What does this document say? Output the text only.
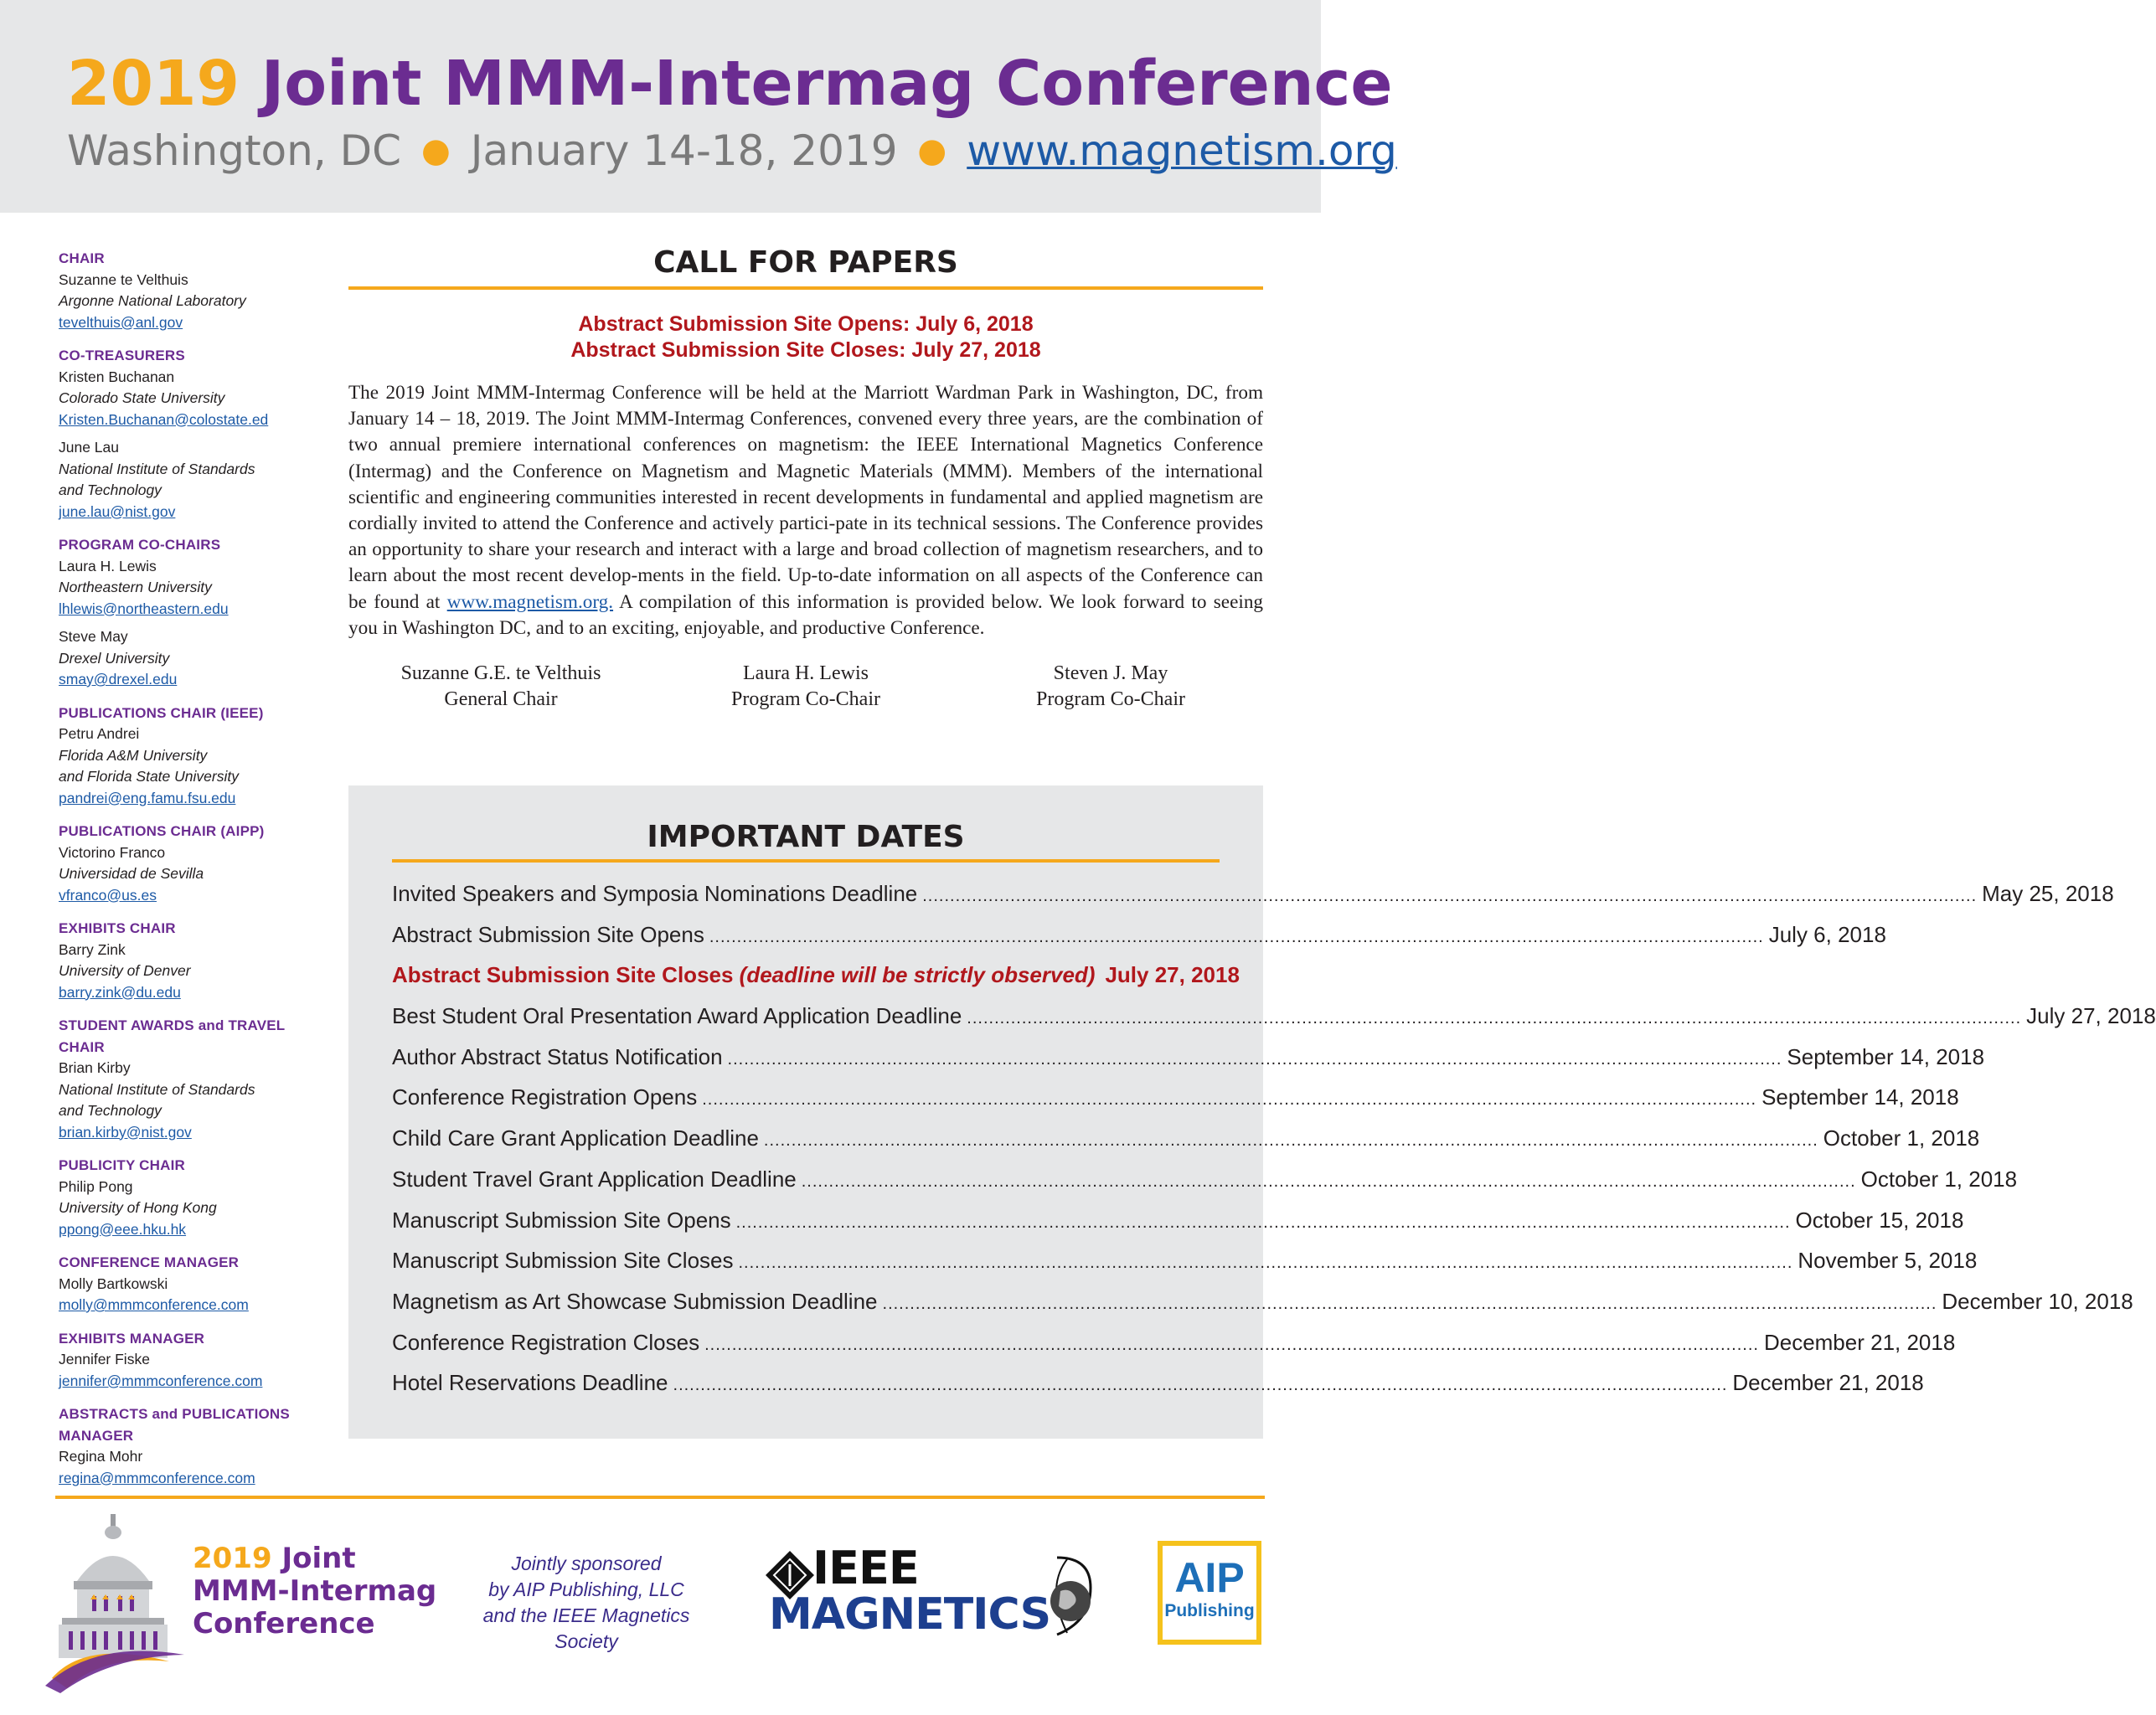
2019 Joint MMM-Intermag Conference
Washington, DC ● January 14-18, 2019 ● www.magnetism.org
CHAIR
Suzanne te Velthuis
Argonne National Laboratory
tevelthuis@anl.gov
CO-TREASURERS
Kristen Buchanan
Colorado State University
Kristen.Buchanan@colostate.ed
June Lau
National Institute of Standards
and Technology
june.lau@nist.gov
PROGRAM CO-CHAIRS
Laura H. Lewis
Northeastern University
lhlewis@northeastern.edu
Steve May
Drexel University
smay@drexel.edu
PUBLICATIONS CHAIR (IEEE)
Petru Andrei
Florida A&M University
and Florida State University
pandrei@eng.famu.fsu.edu
PUBLICATIONS CHAIR (AIPP)
Victorino Franco
Universidad de Sevilla
vfranco@us.es
EXHIBITS CHAIR
Barry Zink
University of Denver
barry.zink@du.edu
STUDENT AWARDS and TRAVEL
CHAIR
Brian Kirby
National Institute of Standards
and Technology
brian.kirby@nist.gov
PUBLICITY CHAIR
Philip Pong
University of Hong Kong
ppong@eee.hku.hk
CONFERENCE MANAGER
Molly Bartkowski
molly@mmmconference.com
EXHIBITS MANAGER
Jennifer Fiske
jennifer@mmmconference.com
ABSTRACTS and PUBLICATIONS
MANAGER
Regina Mohr
regina@mmmconference.com
CALL FOR PAPERS
Abstract Submission Site Opens: July 6, 2018
Abstract Submission Site Closes: July 27, 2018

The 2019 Joint MMM-Intermag Conference will be held at the Marriott Wardman Park in Washington, DC, from January 14 – 18, 2019. The Joint MMM-Intermag Conferences, convened every three years, are the combination of two annual premiere international conferences on magnetism: the IEEE International Magnetics Conference (Intermag) and the Conference on Magnetism and Magnetic Materials (MMM). Members of the international scientific and engineering communities interested in recent developments in fundamental and applied magnetism are cordially invited to attend the Conference and actively partici-pate in its technical sessions. The Conference provides an opportunity to share your research and interact with a large and broad collection of magnetism researchers, and to learn about the most recent develop-ments in the field. Up-to-date information on all aspects of the Conference can be found at www.magnetism.org. A compilation of this information is provided below. We look forward to seeing you in Washington DC, and to an exciting, enjoyable, and productive Conference.

Suzanne G.E. te Velthuis
General Chair
Laura H. Lewis
Program Co-Chair
Steven J. May
Program Co-Chair
IMPORTANT DATES
Invited Speakers and Symposia Nominations Deadline .....	May 25, 2018
Abstract Submission Site Opens .....	July 6, 2018
Abstract Submission Site Closes (deadline will be strictly observed) July 27, 2018
Best Student Oral Presentation Award Application Deadline .....	July 27, 2018
Author Abstract Status Notification .....	September 14, 2018
Conference Registration Opens .....	September 14, 2018
Child Care Grant Application Deadline .....	October 1, 2018
Student Travel Grant Application Deadline .....	October 1, 2018
Manuscript Submission Site Opens .....	October 15, 2018
Manuscript Submission Site Closes .....	November 5, 2018
Magnetism as Art Showcase Submission Deadline .....	December 10, 2018
Conference Registration Closes .....	December 21, 2018
Hotel Reservations Deadline .....	December 21, 2018
2019 Joint
MMM-Intermag
Conference
Jointly sponsored
by AIP Publishing, LLC
and the IEEE Magnetics Society
IEEE
MAGNETICS
AIP
Publishing
